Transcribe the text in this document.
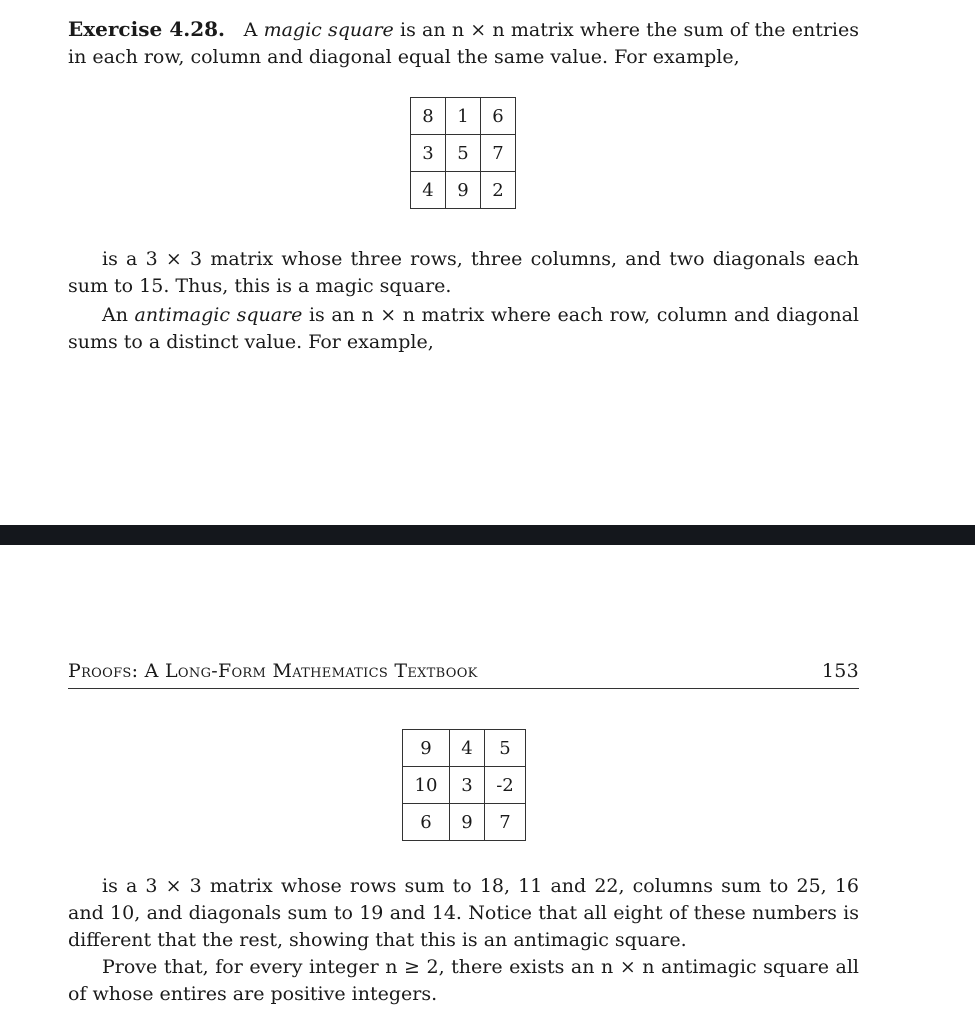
Exercise 4.28. A magic square is an n × n matrix where the sum of the entries in each row, column and diagonal equal the same value. For example,

8	1	6
3	5	7
4	9	2

is a 3 × 3 matrix whose three rows, three columns, and two diagonals each sum to 15. Thus, this is a magic square.

An antimagic square is an n × n matrix where each row, column and diagonal sums to a distinct value. For example,

Proofs: A Long-Form Mathematics Textbook	153
9	4	5
10	3	-2
6	9	7

is a 3 × 3 matrix whose rows sum to 18, 11 and 22, columns sum to 25, 16 and 10, and diagonals sum to 19 and 14. Notice that all eight of these numbers is different that the rest, showing that this is an antimagic square.

Prove that, for every integer n ≥ 2, there exists an n × n antimagic square all of whose entires are positive integers.
